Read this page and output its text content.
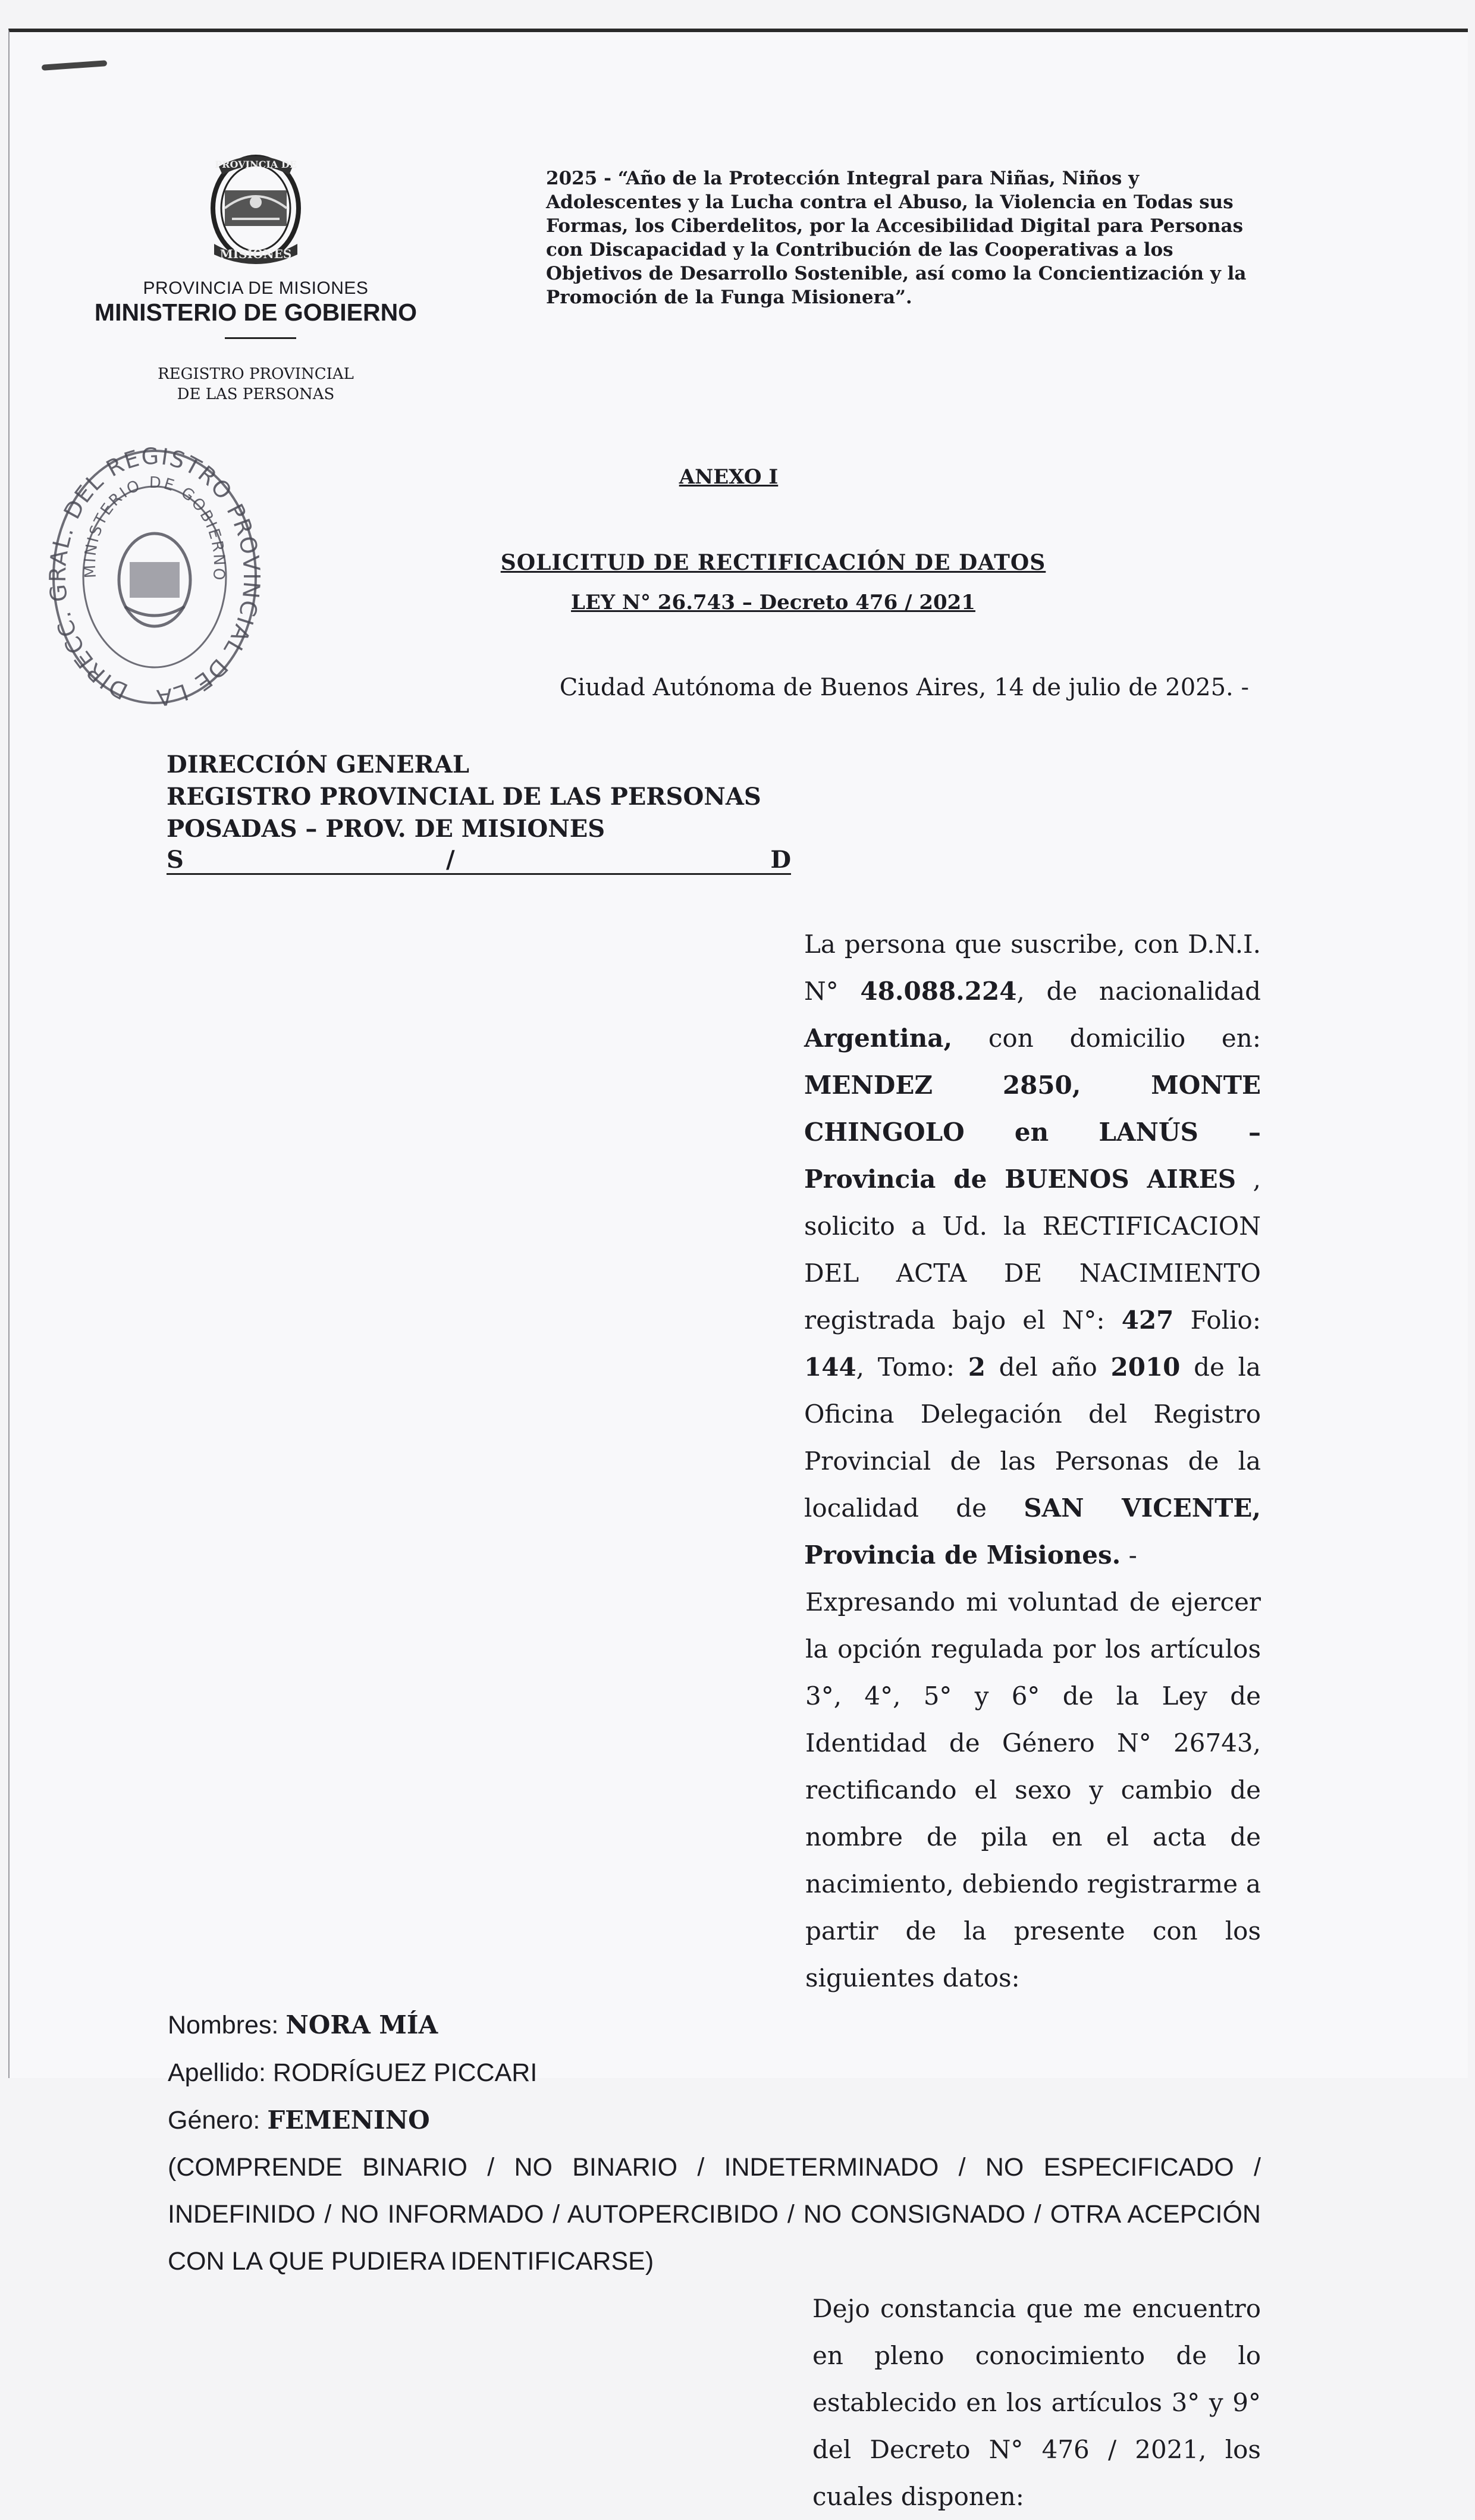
PROVINCIA DE
MISIONES
PROVINCIA DE MISIONES
MINISTERIO DE GOBIERNO
REGISTRO PROVINCIAL
DE LAS PERSONAS
DIRECC. GRAL. DEL REGISTRO PROVINCIAL DE LA
MINISTERIO DE GOBIERNO
2025 - “Año de la Protección Integral para Niñas, Niños y Adolescentes y la Lucha contra el Abuso, la Violencia en Todas sus Formas, los Ciberdelitos, por la Accesibilidad Digital para Personas con Discapacidad y la Contribución de las Cooperativas a los Objetivos de Desarrollo Sostenible, así como la Concientización y la Promoción de la Funga Misionera”.
ANEXO I
SOLICITUD DE RECTIFICACIÓN DE DATOS
LEY N° 26.743 – Decreto 476 / 2021
Ciudad Autónoma de Buenos Aires, 14 de julio de 2025. -
DIRECCIÓN GENERAL
REGISTRO PROVINCIAL DE LAS PERSONAS
POSADAS – PROV. DE MISIONES
S	/	D

La persona que suscribe, con D.N.I. N° 48.088.224, de nacionalidad Argentina, con domicilio en: MENDEZ 2850, MONTE CHINGOLO en LANÚS – Provincia de BUENOS AIRES , solicito a Ud. la RECTIFICACION DEL ACTA DE NACIMIENTO registrada bajo el N°: 427 Folio: 144, Tomo: 2 del año 2010 de la Oficina Delegación del Registro Provincial de las Personas de la localidad de SAN VICENTE, Provincia de Misiones. -

Expresando mi voluntad de ejercer la opción regulada por los artículos 3°, 4°, 5° y 6° de la Ley de Identidad de Género N° 26743, rectificando el sexo y cambio de nombre de pila en el acta de nacimiento, debiendo registrarme a partir de la presente con los siguientes datos:

Nombres: NORA MÍA

Apellido: RODRÍGUEZ PICCARI

Género: FEMENINO

(COMPRENDE BINARIO / NO BINARIO / INDETERMINADO / NO ESPECIFICADO / INDEFINIDO / NO INFORMADO / AUTOPERCIBIDO / NO CONSIGNADO / OTRA ACEPCIÓN CON LA QUE PUDIERA IDENTIFICARSE)

Dejo constancia que me encuentro en pleno conocimiento de lo establecido en los artículos 3° y 9° del Decreto N° 476 / 2021, los cuales disponen:
